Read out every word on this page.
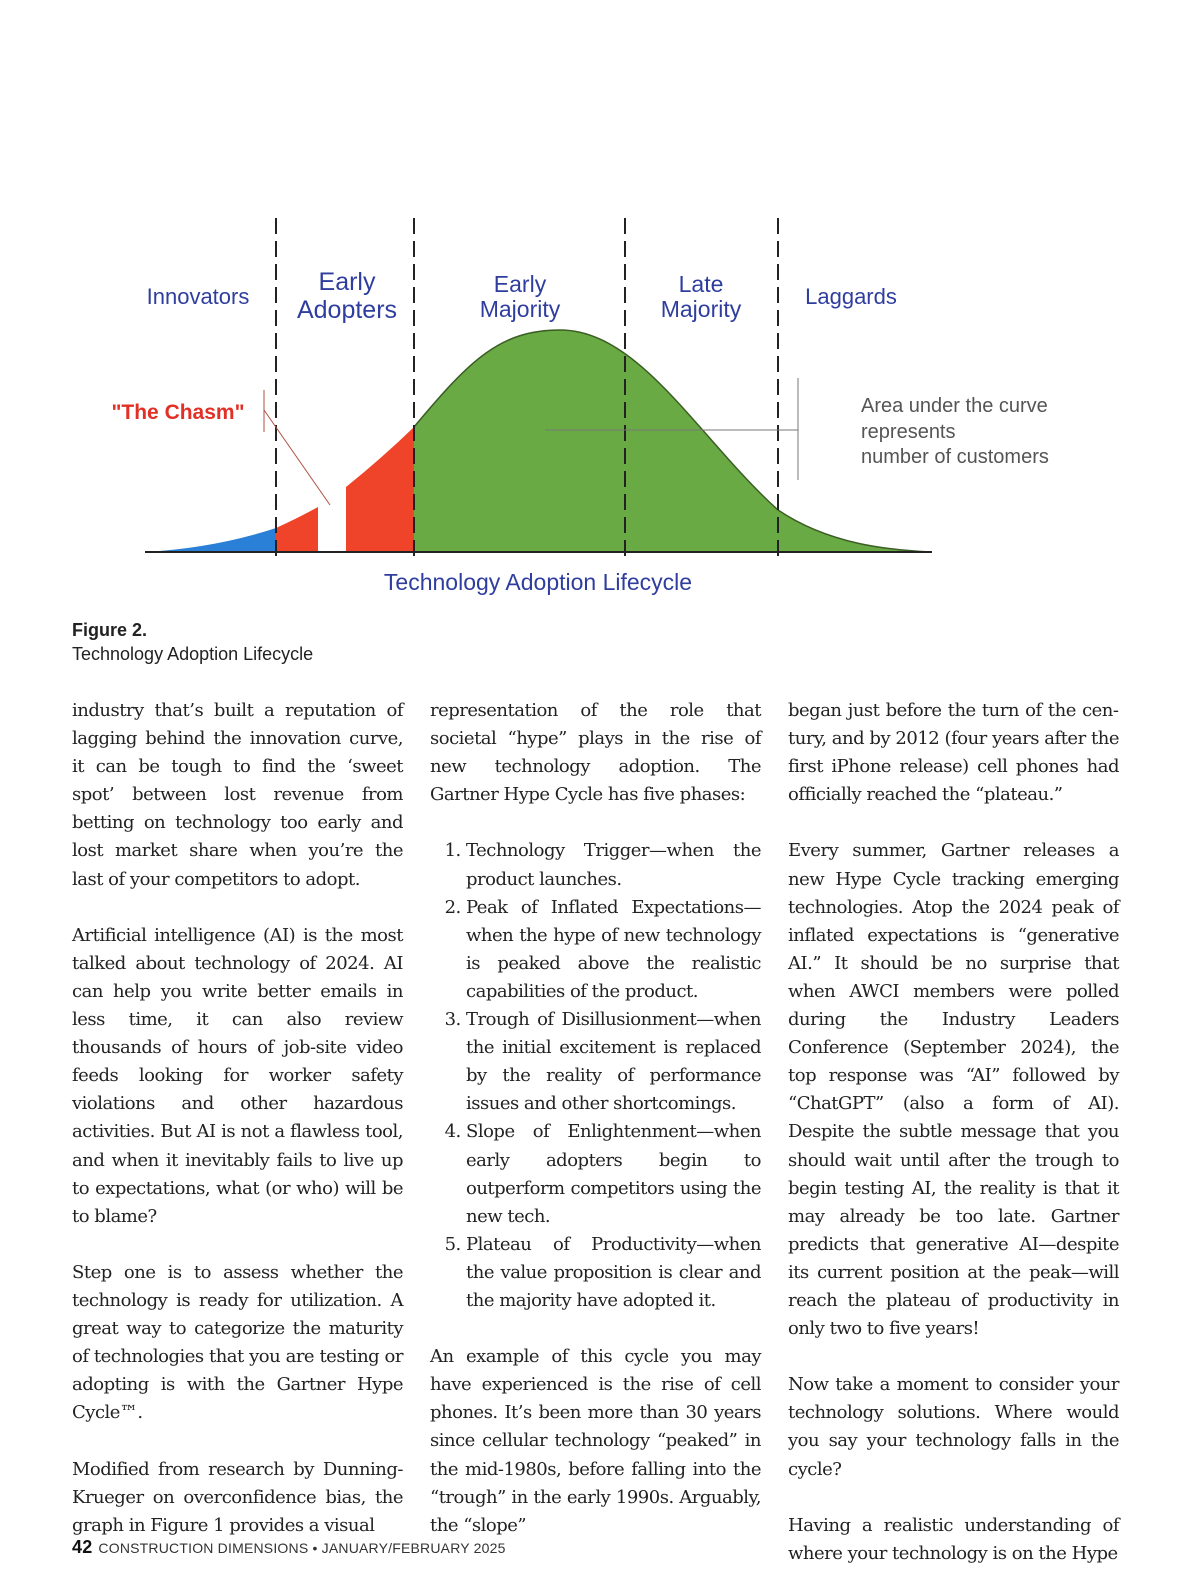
Innovators
Early
Adopters
Early
Majority
Late
Majority	Laggards
Technology Adoption Lifecycle
"The Chasm"	Area under the curve
represents
number of customers
Figure 2.
Technology Adoption Lifecycle

industry that’s built a reputation of lagging behind the innovation curve, it can be tough to find the ‘sweet spot’ between lost revenue from betting on technology too early and lost market share when you’re the last of your competitors to adopt.

Artificial intelligence (AI) is the most talked about technology of 2024. AI can help you write better emails in less time, it can also review thousands of hours of job-site video feeds looking for worker safety violations and other hazardous activities. But AI is not a flawless tool, and when it inevitably fails to live up to expectations, what (or who) will be to blame?

Step one is to assess whether the technology is ready for utilization. A great way to categorize the maturity of technologies that you are testing or adopting is with the Gartner Hype Cycle™.

Modified from research by Dunning-Krueger on overconfidence bias, the graph in Figure 1 provides a visual

representation of the role that societal “hype” plays in the rise of new technology adoption. The Gartner Hype Cycle has five phases:

1. Technology Trigger—when the product launches.
2. Peak of Inflated Expectations—when the hype of new technology is peaked above the realistic capabilities of the product.
3. Trough of Disillusionment—when the initial excitement is replaced by the reality of performance issues and other shortcomings.
4. Slope of Enlightenment—when early adopters begin to outperform competitors using the new tech.
5. Plateau of Productivity—when the value proposition is clear and the majority have adopted it.

An example of this cycle you may have experienced is the rise of cell phones. It’s been more than 30 years since cellular technology “peaked” in the mid-1980s, before falling into the “trough” in the early 1990s. Arguably, the “slope”

began just before the turn of the century, and by 2012 (four years after the first iPhone release) cell phones had officially reached the “plateau.”

Every summer, Gartner releases a new Hype Cycle tracking emerging technologies. Atop the 2024 peak of inflated expectations is “generative AI.” It should be no surprise that when AWCI members were polled during the Industry Leaders Conference (September 2024), the top response was “AI” followed by “ChatGPT” (also a form of AI). Despite the subtle message that you should wait until after the trough to begin testing AI, the reality is that it may already be too late. Gartner predicts that generative AI—despite its current position at the peak—will reach the plateau of productivity in only two to five years!

Now take a moment to consider your technology solutions. Where would you say your technology falls in the cycle?

Having a realistic understanding of where your technology is on the Hype

42 CONSTRUCTION DIMENSIONS • JANUARY/FEBRUARY 2025
